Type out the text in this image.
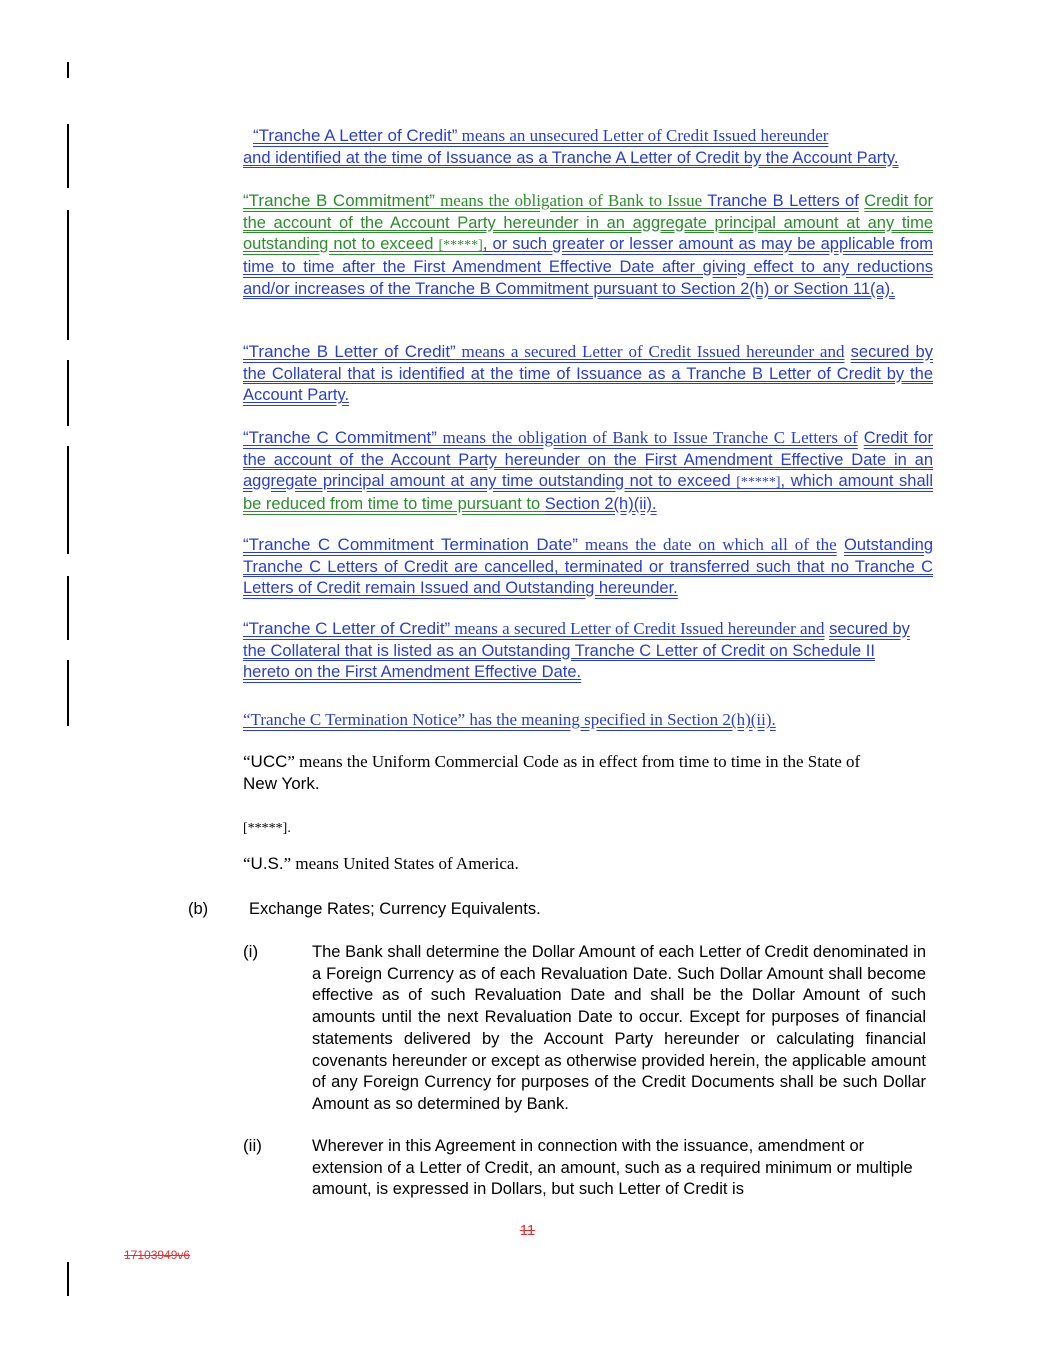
“Tranche A Letter of Credit” means an unsecured Letter of Credit Issued hereunder
and identified at the time of Issuance as a Tranche A Letter of Credit by the Account Party.
“Tranche B Commitment” means the obligation of Bank to Issue Tranche B Letters of Credit for the account of the Account Party hereunder in an aggregate principal amount at any time outstanding not to exceed [*****], or such greater or lesser amount as may be applicable from time to time after the First Amendment Effective Date after giving effect to any reductions and/or increases of the Tranche B Commitment pursuant to Section 2(h) or Section 11(a).
“Tranche B Letter of Credit” means a secured Letter of Credit Issued hereunder and secured by the Collateral that is identified at the time of Issuance as a Tranche B Letter of Credit by the Account Party.
“Tranche C Commitment” means the obligation of Bank to Issue Tranche C Letters of Credit for the account of the Account Party hereunder on the First Amendment Effective Date in an aggregate principal amount at any time outstanding not to exceed [*****], which amount shall be reduced from time to time pursuant to Section 2(h)(ii).
“Tranche C Commitment Termination Date” means the date on which all of the Outstanding Tranche C Letters of Credit are cancelled, terminated or transferred such that no Tranche C Letters of Credit remain Issued and Outstanding hereunder.
“Tranche C Letter of Credit” means a secured Letter of Credit Issued hereunder and secured by the Collateral that is listed as an Outstanding Tranche C Letter of Credit on Schedule II hereto on the First Amendment Effective Date.
“Tranche C Termination Notice” has the meaning specified in Section 2(h)(ii).
“UCC” means the Uniform Commercial Code as in effect from time to time in the State of
New York.
[*****].
“U.S.” means United States of America.
(b) Exchange Rates; Currency Equivalents.
(i)	The Bank shall determine the Dollar Amount of each Letter of Credit denominated in a Foreign Currency as of each Revaluation Date. Such Dollar Amount shall become effective as of such Revaluation Date and shall be the Dollar Amount of such amounts until the next Revaluation Date to occur. Except for purposes of financial statements delivered by the Account Party hereunder or calculating financial covenants hereunder or except as otherwise provided herein, the applicable amount of any Foreign Currency for purposes of the Credit Documents shall be such Dollar Amount as so determined by Bank.
(ii)	Wherever in this Agreement in connection with the issuance, amendment or extension of a Letter of Credit, an amount, such as a required minimum or multiple amount, is expressed in Dollars, but such Letter of Credit is
11
17103949v6
